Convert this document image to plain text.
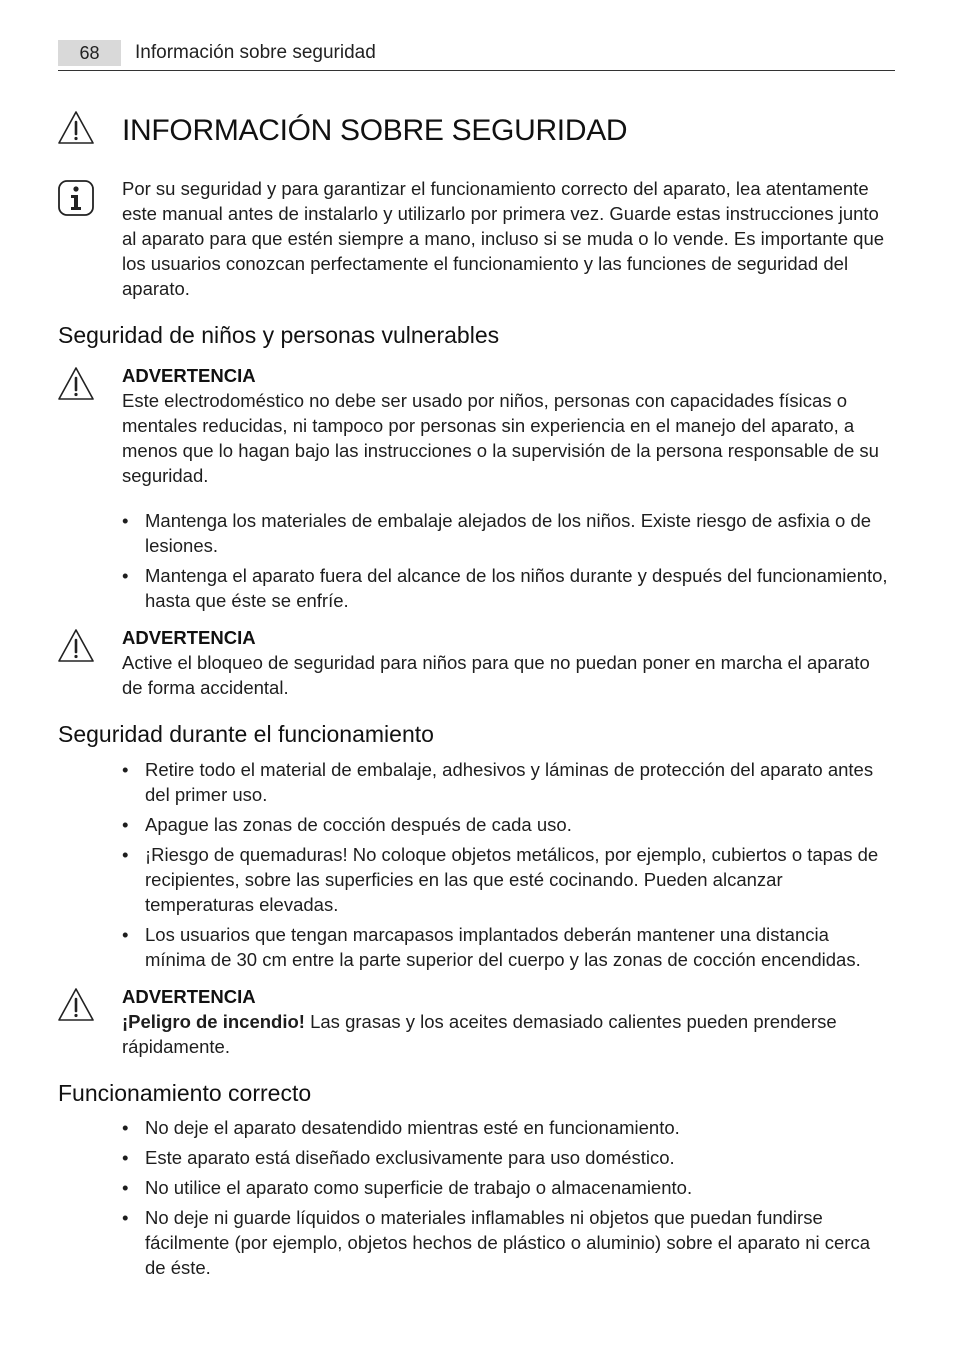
68	Información sobre seguridad
INFORMACIÓN SOBRE SEGURIDAD

Por su seguridad y para garantizar el funcionamiento correcto del aparato, lea atentamente este manual antes de instalarlo y utilizarlo por primera vez. Guarde estas instrucciones junto al aparato para que estén siempre a mano, incluso si se muda o lo vende. Es importante que los usuarios conozcan perfectamente el funcionamiento y las funciones de seguridad del aparato.

Seguridad de niños y personas vulnerables
ADVERTENCIA

Este electrodoméstico no debe ser usado por niños, personas con capacidades físicas o mentales reducidas, ni tampoco por personas sin experiencia en el manejo del aparato, a menos que lo hagan bajo las instrucciones o la supervisión de la persona responsable de su seguridad.

• Mantenga los materiales de embalaje alejados de los niños. Existe riesgo de asfixia o de lesiones.
• Mantenga el aparato fuera del alcance de los niños durante y después del funcionamiento, hasta que éste se enfríe.
ADVERTENCIA

Active el bloqueo de seguridad para niños para que no puedan poner en marcha el aparato de forma accidental.

Seguridad durante el funcionamiento
• Retire todo el material de embalaje, adhesivos y láminas de protección del aparato antes del primer uso.
• Apague las zonas de cocción después de cada uso.
• ¡Riesgo de quemaduras! No coloque objetos metálicos, por ejemplo, cubiertos o tapas de recipientes, sobre las superficies en las que esté cocinando. Pueden alcanzar temperaturas elevadas.
• Los usuarios que tengan marcapasos implantados deberán mantener una distancia mínima de 30 cm entre la parte superior del cuerpo y las zonas de cocción encendidas.
ADVERTENCIA

¡Peligro de incendio! Las grasas y los aceites demasiado calientes pueden prenderse rápidamente.

Funcionamiento correcto
• No deje el aparato desatendido mientras esté en funcionamiento.
• Este aparato está diseñado exclusivamente para uso doméstico.
• No utilice el aparato como superficie de trabajo o almacenamiento.
• No deje ni guarde líquidos o materiales inflamables ni objetos que puedan fundirse fácilmente (por ejemplo, objetos hechos de plástico o aluminio) sobre el aparato ni cerca de éste.
